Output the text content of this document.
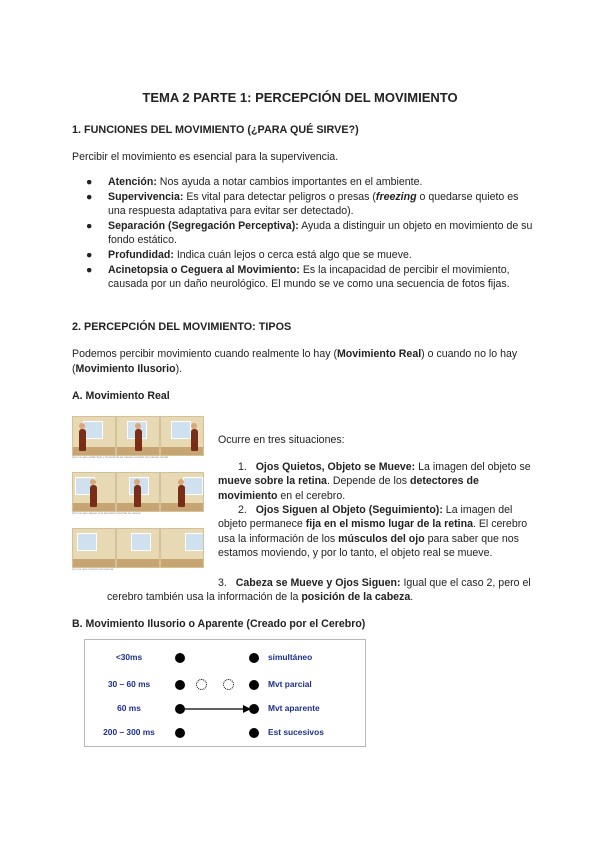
TEMA 2 PARTE 1: PERCEPCIÓN DEL MOVIMIENTO
1. FUNCIONES DEL MOVIMIENTO (¿PARA QUÉ SIRVE?)
Percibir el movimiento es esencial para la supervivencia.
● Atención: Nos ayuda a notar cambios importantes en el ambiente.
● Supervivencia: Es vital para detectar peligros o presas (freezing o quedarse quieto es una respuesta adaptativa para evitar ser detectado).
● Separación (Segregación Perceptiva): Ayuda a distinguir un objeto en movimiento de su fondo estático.
● Profundidad: Indica cuán lejos o cerca está algo que se mueve.
● Acinetopsia o Ceguera al Movimiento: Es la incapacidad de percibir el movimiento, causada por un daño neurológico. El mundo se ve como una secuencia de fotos fijas.
2. PERCEPCIÓN DEL MOVIMIENTO: TIPOS
Podemos percibir movimiento cuando realmente lo hay (Movimiento Real) o cuando no lo hay (Movimiento Ilusorio).
A. Movimiento Real
(a) Los ojos están fijos y la persona se mueve a través del campo visual
(b) Los ojos siguen a la persona mientras se mueve
(c) Los ojos recorren la escena
Ocurre en tres situaciones:
1. Ojos Quietos, Objeto se Mueve: La imagen del objeto se mueve sobre la retina. Depende de los detectores de movimiento en el cerebro.
2. Ojos Siguen al Objeto (Seguimiento): La imagen del objeto permanece fija en el mismo lugar de la retina. El cerebro usa la información de los músculos del ojo para saber que nos estamos moviendo, y por lo tanto, el objeto real se mueve.
3. Cabeza se Mueve y Ojos Siguen: Igual que el caso 2, pero el cerebro también usa la información de la posición de la cabeza.
B. Movimiento Ilusorio o Aparente (Creado por el Cerebro)
<30ms	simultáneo
30 – 60 ms	Mvt parcial
60 ms	Mvt aparente
200 – 300 ms	Est sucesivos
